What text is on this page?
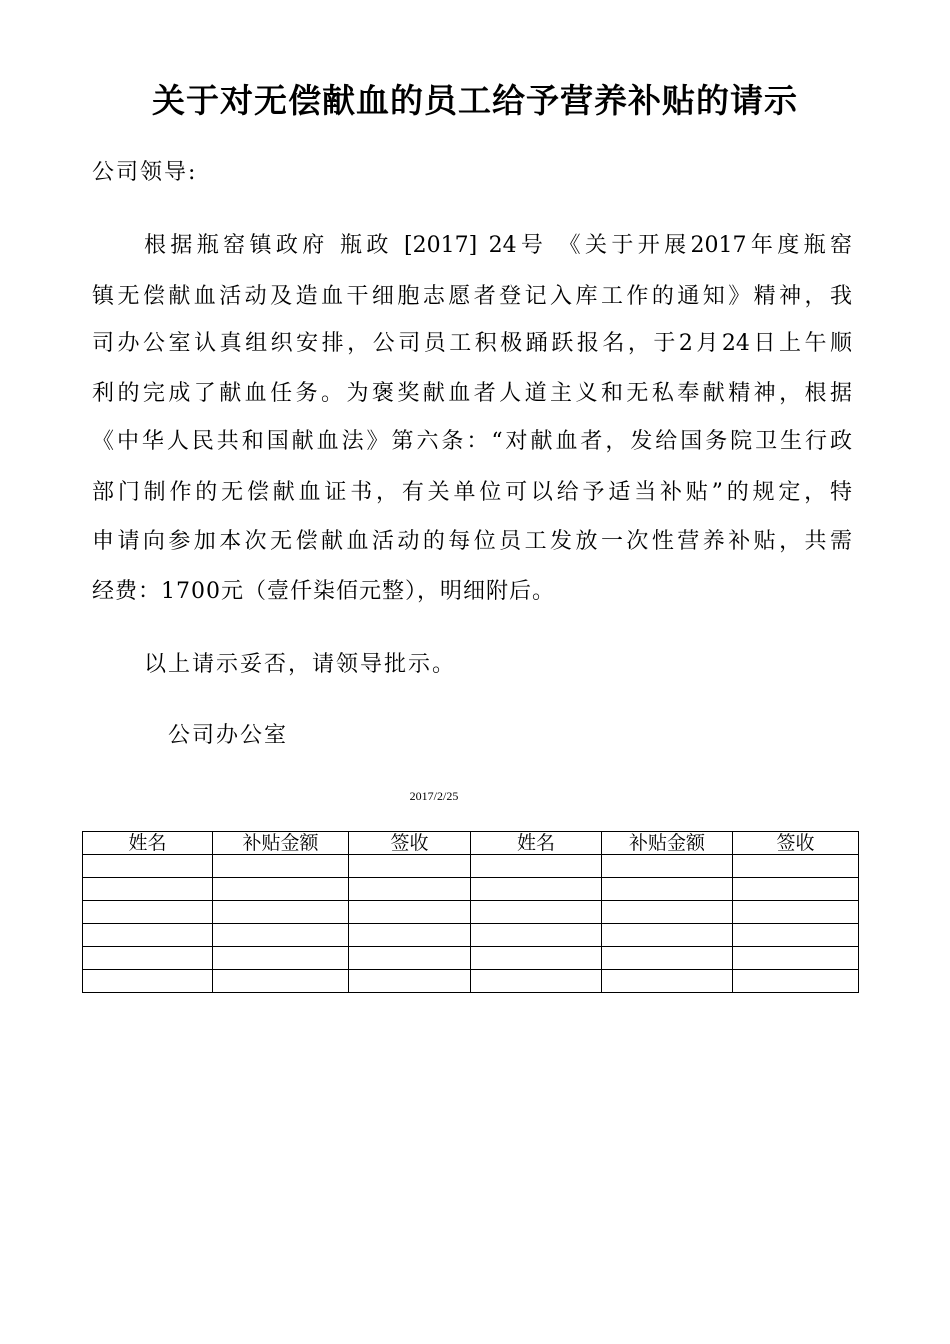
关于对无偿献血的员工给予营养补贴的请示
公司领导:
根据瓶窑镇政府 瓶政 [2017] 24号 《关于开展2017年度瓶窑
镇无偿献血活动及造血干细胞志愿者登记入库工作的通知》精神，我
司办公室认真组织安排，公司员工积极踊跃报名，于2月24日上午顺
利的完成了献血任务。为褒奖献血者人道主义和无私奉献精神，根据
《中华人民共和国献血法》第六条：“对献血者，发给国务院卫生行政
部门制作的无偿献血证书，有关单位可以给予适当补贴”的规定，特
申请向参加本次无偿献血活动的每位员工发放一次性营养补贴，共需
经费：1700元（壹仟柒佰元整），明细附后。
以上请示妥否，请领导批示。
公司办公室
2017/2/25
姓名	补贴金额	签收	姓名	补贴金额	签收
